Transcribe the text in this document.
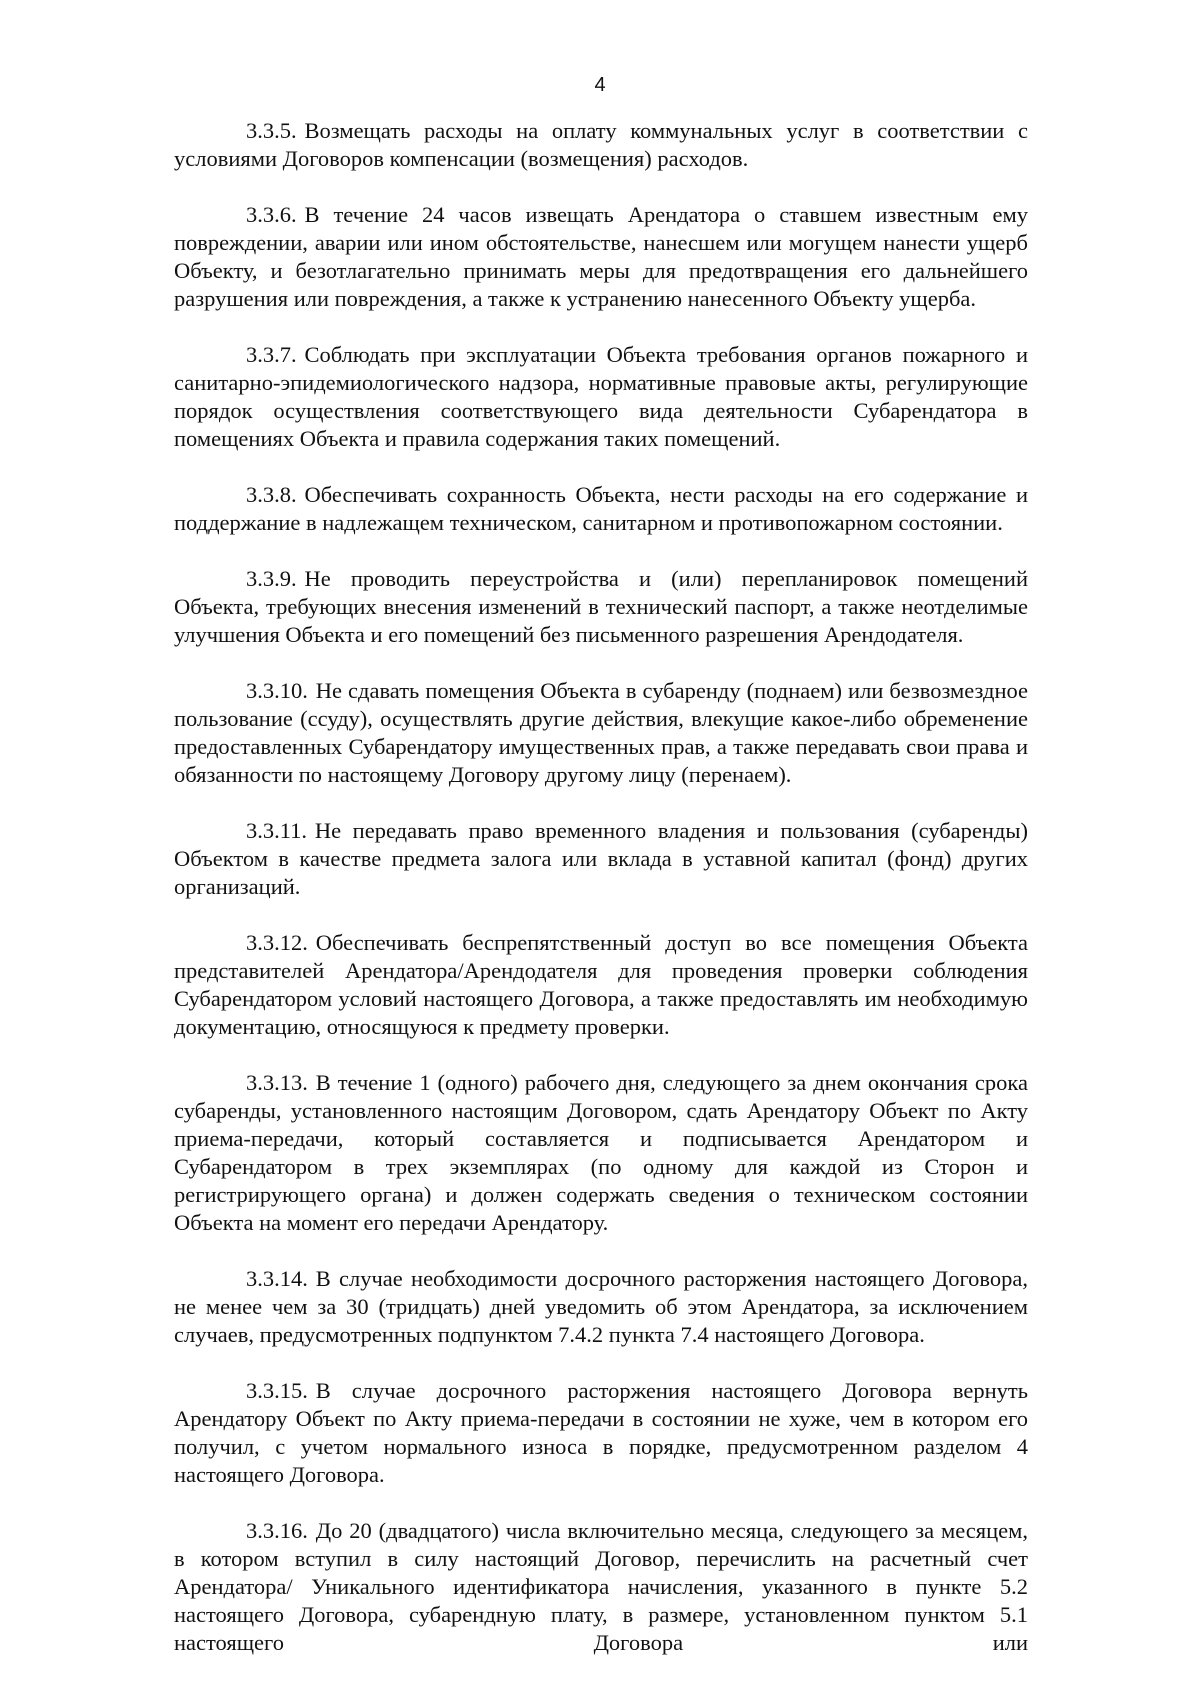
4

3.3.5. Возмещать расходы на оплату коммунальных услуг в соответствии с условиями Договоров компенсации (возмещения) расходов.

3.3.6. В течение 24 часов извещать Арендатора о ставшем известным ему повреждении, аварии или ином обстоятельстве, нанесшем или могущем нанести ущерб Объекту, и безотлагательно принимать меры для предотвращения его дальнейшего разрушения или повреждения, а также к устранению нанесенного Объекту ущерба.

3.3.7. Соблюдать при эксплуатации Объекта требования органов пожарного и санитарно-эпидемиологического надзора, нормативные правовые акты, регулирующие порядок осуществления соответствующего вида деятельности Субарендатора в помещениях Объекта и правила содержания таких помещений.

3.3.8. Обеспечивать сохранность Объекта, нести расходы на его содержание и поддержание в надлежащем техническом, санитарном и противопожарном состоянии.

3.3.9. Не проводить переустройства и (или) перепланировок помещений Объекта, требующих внесения изменений в технический паспорт, а также неотделимые улучшения Объекта и его помещений без письменного разрешения Арендодателя.

3.3.10. Не сдавать помещения Объекта в субаренду (поднаем) или безвозмездное пользование (ссуду), осуществлять другие действия, влекущие какое-либо обременение предоставленных Субарендатору имущественных прав, а также передавать свои права и обязанности по настоящему Договору другому лицу (перенаем).

3.3.11. Не передавать право временного владения и пользования (субаренды) Объектом в качестве предмета залога или вклада в уставной капитал (фонд) других организаций.

3.3.12. Обеспечивать беспрепятственный доступ во все помещения Объекта представителей Арендатора/Арендодателя для проведения проверки соблюдения Субарендатором условий настоящего Договора, а также предоставлять им необходимую документацию, относящуюся к предмету проверки.

3.3.13. В течение 1 (одного) рабочего дня, следующего за днем окончания срока субаренды, установленного настоящим Договором, сдать Арендатору Объект по Акту приема-передачи, который составляется и подписывается Арендатором и Субарендатором в трех экземплярах (по одному для каждой из Сторон и регистрирующего органа) и должен содержать сведения о техническом состоянии Объекта на момент его передачи Арендатору.

3.3.14. В случае необходимости досрочного расторжения настоящего Договора, не менее чем за 30 (тридцать) дней уведомить об этом Арендатора, за исключением случаев, предусмотренных подпунктом 7.4.2 пункта 7.4 настоящего Договора.

3.3.15. В случае досрочного расторжения настоящего Договора вернуть Арендатору Объект по Акту приема-передачи в состоянии не хуже, чем в котором его получил, с учетом нормального износа в порядке, предусмотренном разделом 4 настоящего Договора.

3.3.16. До 20 (двадцатого) числа включительно месяца, следующего за месяцем, в котором вступил в силу настоящий Договор, перечислить на расчетный счет Арендатора/ Уникального идентификатора начисления, указанного в пункте 5.2 настоящего Договора, субарендную плату, в размере, установленном пунктом 5.1 настоящего Договора или
